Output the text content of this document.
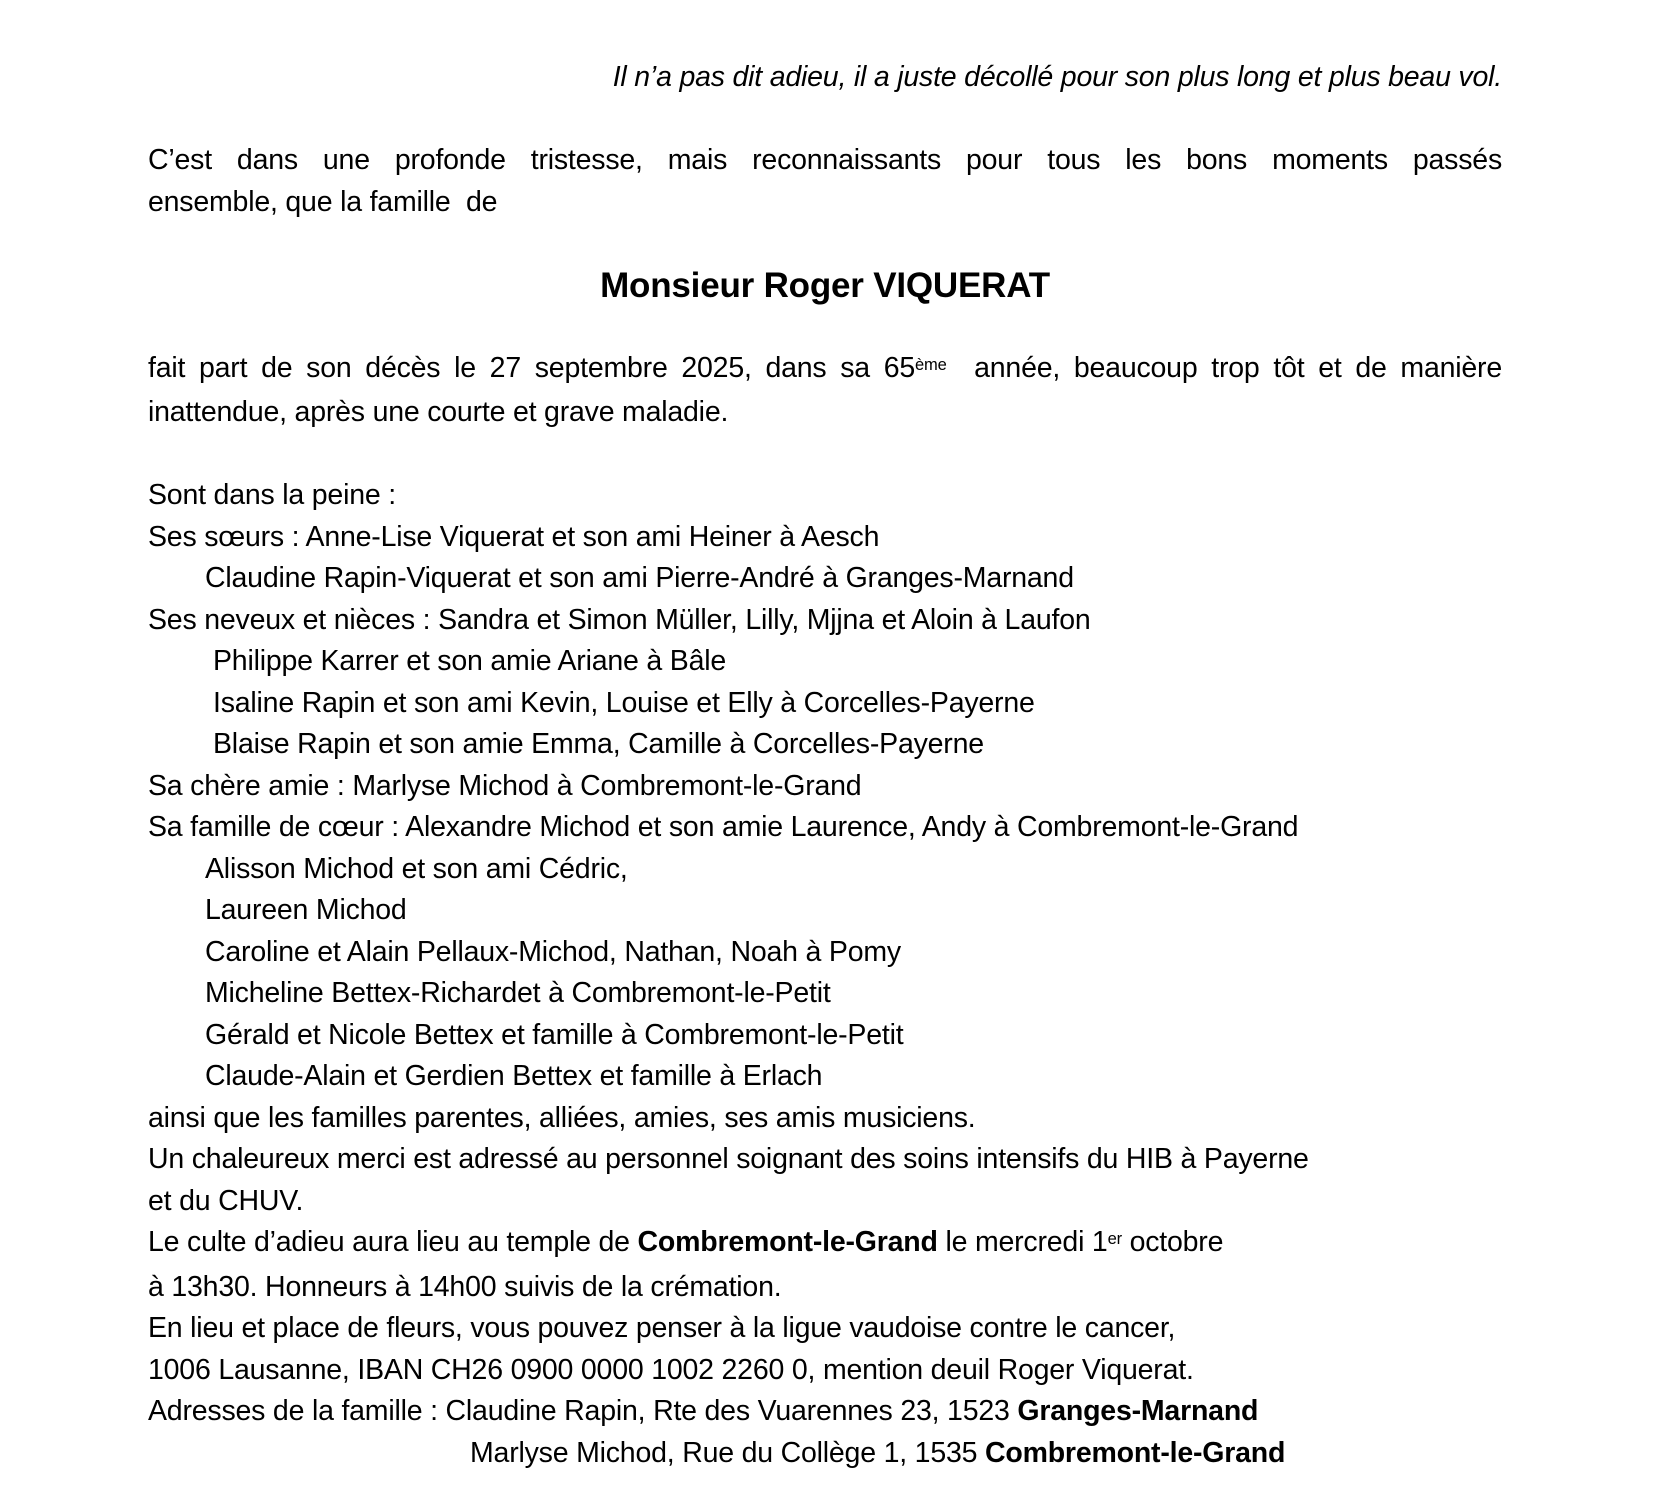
Il n’a pas dit adieu, il a juste décollé pour son plus long et plus beau vol.
C’est dans une profonde tristesse, mais reconnaissants pour tous les bons moments passés
ensemble, que la famille  de
Monsieur Roger VIQUERAT
fait part de son décès le 27 septembre 2025, dans sa 65ème  année, beaucoup trop tôt et de manière
inattendue, après une courte et grave maladie.
Sont dans la peine :
Ses sœurs : Anne-Lise Viquerat et son ami Heiner à Aesch
Claudine Rapin-Viquerat et son ami Pierre-André à Granges-Marnand
Ses neveux et nièces : Sandra et Simon Müller, Lilly, Mjjna et Aloin à Laufon
Philippe Karrer et son amie Ariane à Bâle
Isaline Rapin et son ami Kevin, Louise et Elly à Corcelles-Payerne
Blaise Rapin et son amie Emma, Camille à Corcelles-Payerne
Sa chère amie : Marlyse Michod à Combremont-le-Grand
Sa famille de cœur : Alexandre Michod et son amie Laurence, Andy à Combremont-le-Grand
Alisson Michod et son ami Cédric,
Laureen Michod
Caroline et Alain Pellaux-Michod, Nathan, Noah à Pomy
Micheline Bettex-Richardet à Combremont-le-Petit
Gérald et Nicole Bettex et famille à Combremont-le-Petit
Claude-Alain et Gerdien Bettex et famille à Erlach
ainsi que les familles parentes, alliées, amies, ses amis musiciens.
Un chaleureux merci est adressé au personnel soignant des soins intensifs du HIB à Payerne
et du CHUV.
Le culte d’adieu aura lieu au temple de Combremont-le-Grand le mercredi 1er octobre
à 13h30. Honneurs à 14h00 suivis de la crémation.
En lieu et place de fleurs, vous pouvez penser à la ligue vaudoise contre le cancer,
1006 Lausanne, IBAN CH26 0900 0000 1002 2260 0, mention deuil Roger Viquerat.
Adresses de la famille : Claudine Rapin, Rte des Vuarennes 23, 1523 Granges-Marnand
Marlyse Michod, Rue du Collège 1, 1535 Combremont-le-Grand
